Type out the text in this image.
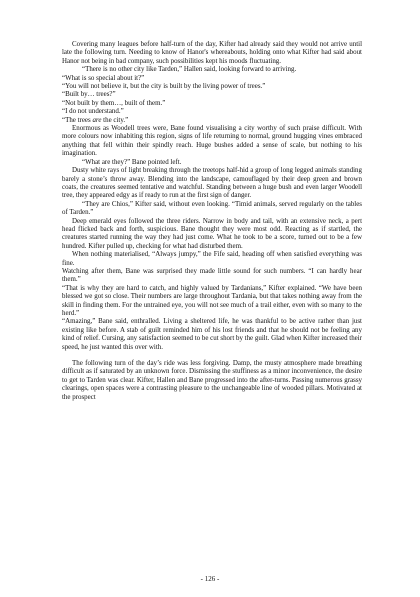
Covering many leagues before half-turn of the day, Kifter had already said they would not arrive until late the following turn. Needing to know of Hanor's whereabouts, holding onto what Kifter had said about Hanor not being in bad company, such possibilities kept his moods fluctuating.

“There is no other city like Tarden,” Hallen said, looking forward to arriving.

“What is so special about it?”

“You will not believe it, but the city is built by the living power of trees.”

“Built by… trees?”

“Not built by them…, built of them.”

“I do not understand.”

“The trees are the city.”

Enormous as Woodell trees were, Bane found visualising a city worthy of such praise difficult. With more colours now inhabiting this region, signs of life returning to normal, ground hugging vines embraced anything that fell within their spindly reach. Huge bushes added a sense of scale, but nothing to his imagination.

“What are they?” Bane pointed left.

Dusty white rays of light breaking through the treetops half-hid a group of long legged animals standing barely a stone’s throw away. Blending into the landscape, camouflaged by their deep green and brown coats, the creatures seemed tentative and watchful. Standing between a huge bush and even larger Woodell tree, they appeared edgy as if ready to run at the first sign of danger.

“They are Chios,” Kifter said, without even looking. “Timid animals, served regularly on the tables of Tarden.”

Deep emerald eyes followed the three riders. Narrow in body and tail, with an extensive neck, a pert head flicked back and forth, suspicious. Bane thought they were most odd. Reacting as if startled, the creatures started running the way they had just come. What he took to be a score, turned out to be a few hundred. Kifter pulled up, checking for what had disturbed them.

When nothing materialised, “Always jumpy,” the Fife said, heading off when satisfied everything was fine.

Watching after them, Bane was surprised they made little sound for such numbers. “I can hardly hear them.”

“That is why they are hard to catch, and highly valued by Tardanians,” Kifter explained. “We have been blessed we got so close. Their numbers are large throughout Tardania, but that takes nothing away from the skill in finding them. For the untrained eye, you will not see much of a trail either, even with so many to the herd.”

“Amazing,” Bane said, enthralled. Living a sheltered life, he was thankful to be active rather than just existing like before. A stab of guilt reminded him of his lost friends and that he should not be feeling any kind of relief. Cursing, any satisfaction seemed to be cut short by the guilt. Glad when Kifter increased their speed, he just wanted this over with.

The following turn of the day’s ride was less forgiving. Damp, the musty atmosphere made breathing difficult as if saturated by an unknown force. Dismissing the stuffiness as a minor inconvenience, the desire to get to Tarden was clear. Kifter, Hallen and Bane progressed into the after-turns. Passing numerous grassy clearings, open spaces were a contrasting pleasure to the unchangeable line of wooded pillars. Motivated at the prospect

- 126 -
